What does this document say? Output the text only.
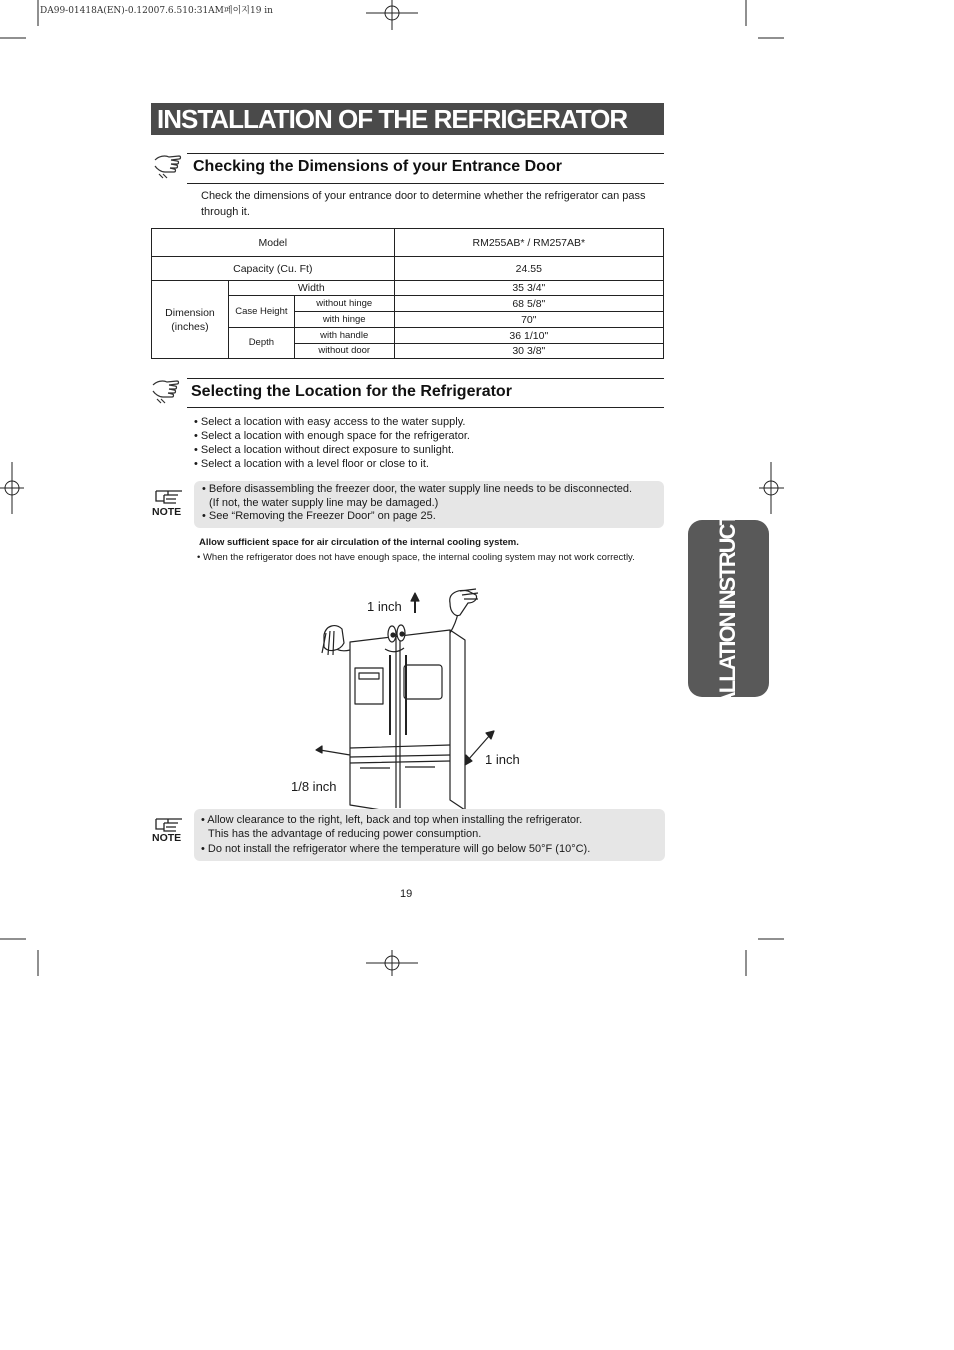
DA99-01418A(EN)-0.12007.6.510:31AM페이지19 in
INSTALLATION OF THE REFRIGERATOR
Checking the Dimensions of your Entrance Door
Check the dimensions of your entrance door to determine whether the refrigerator can pass through it.
Model			RM255AB* / RM257AB*
Capacity (Cu. Ft)			24.55
Dimension
(inches)	Width		35 3/4"
	Case Height	without hinge	68 5/8"
		with hinge	70"
	Depth	with handle	36 1/10"
		without door	30 3/8"
Selecting the Location for the Refrigerator
• Select a location with easy access to the water supply.
• Select a location with enough space for the refrigerator.
• Select a location without direct exposure to sunlight.
• Select a location with a level floor or close to it.
NOTE
• Before disassembling the freezer door, the water supply line needs to be disconnected.
(If not, the water supply line may be damaged.)
• See “Removing the Freezer Door” on page 25.
Allow sufficient space for air circulation of the internal cooling system.
• When the refrigerator does not have enough space, the internal cooling system may not work correctly.
1 inch
1 inch
1/8 inch
NOTE
• Allow clearance to the right, left, back and top when installing the refrigerator.
This has the advantage of reducing power consumption.
• Do not install the refrigerator where the temperature will go below 50°F (10°C).
INSTALLATION INSTRUCTIONS
19
